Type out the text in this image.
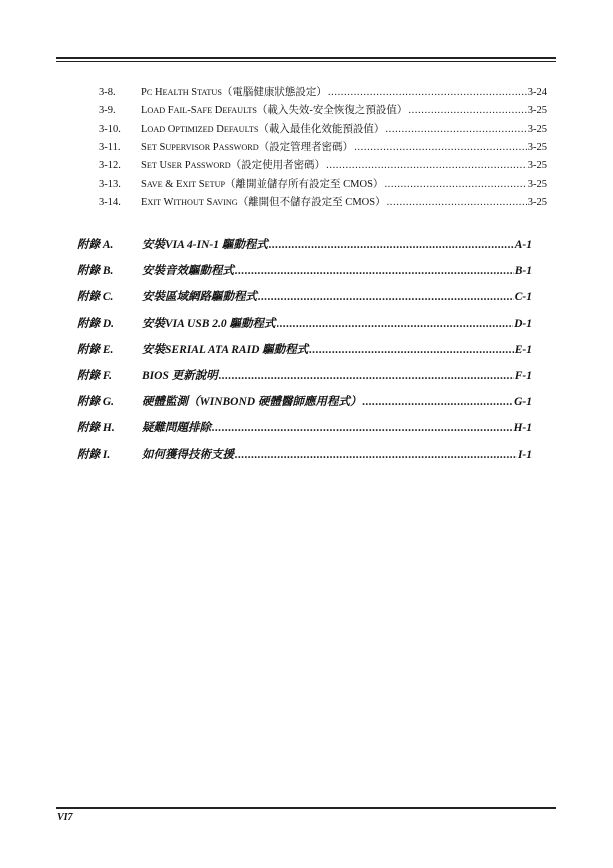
3-8.	PC HEALTH STATUS（電腦健康狀態設定） .....	3-24
3-9.	LOAD FAIL-SAFE DEFAULTS（載入失效-安全恢復之預設值） .....	3-25
3-10.	LOAD OPTIMIZED DEFAULTS（載入最佳化效能預設值） .....	3-25
3-11.	SET SUPERVISOR PASSWORD（設定管理者密碼） .....	3-25
3-12.	SET USER PASSWORD（設定使用者密碼） .....	3-25
3-13.	SAVE & EXIT SETUP（離開並儲存所有設定至 CMOS） .....	3-25
3-14.	EXIT WITHOUT SAVING（離開但不儲存設定至 CMOS） .....	3-25
附錄 A.	安裝VIA 4-IN-1 驅動程式 .....	A-1
附錄 B.	安裝音效驅動程式 .....	B-1
附錄 C.	安裝區域網路驅動程式 .....	C-1
附錄 D.	安裝VIA USB 2.0 驅動程式 .....	D-1
附錄 E.	安裝SERIAL ATA RAID 驅動程式 .....	E-1
附錄 F.	BIOS 更新說明 .....	F-1
附錄 G.	硬體監測（WINBOND 硬體醫師應用程式） .....	G-1
附錄 H.	疑難問題排除 .....	H-1
附錄 I.	如何獲得技術支援 .....	I-1
VI7
